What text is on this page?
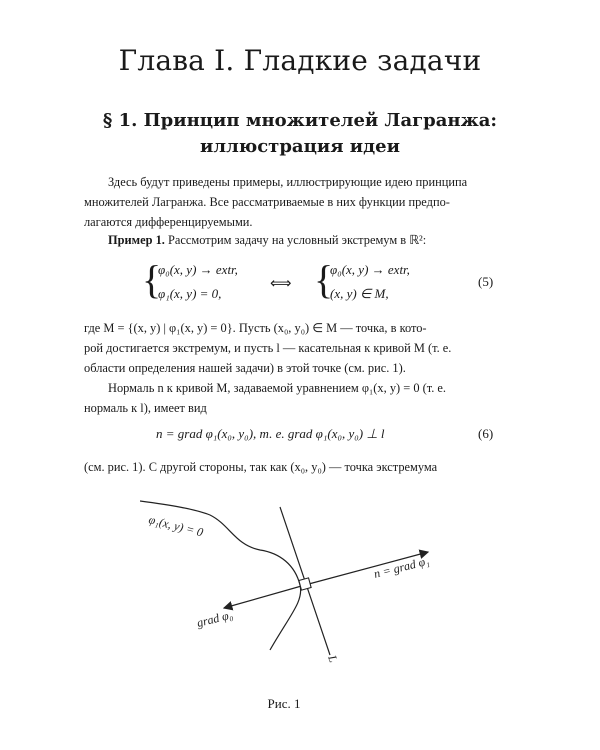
Глава I. Гладкие задачи
§ 1. Принцип множителей Лагранжа:
иллюстрация идеи
Здесь будут приведены примеры, иллюстрирующие идею принципа
множителей Лагранжа. Все рассматриваемые в них функции предпо-
лагаются дифференцируемыми.
Пример 1. Рассмотрим задачу на условный экстремум в ℝ²:
{
φ₀(x, y) → extr,
φ₁(x, y) = 0,
⟺ {
φ₀(x, y) → extr,
(x, y) ∈ M,
(5)
где M = {(x, y) | φ₁(x, y) = 0}. Пусть (x₀, y₀) ∈ M — точка, в кото-
рой достигается экстремум, и пусть l — касательная к кривой M (т. е.
области определения нашей задачи) в этой точке (см. рис. 1).
Нормаль n к кривой M, задаваемой уравнением φ₁(x, y) = 0 (т. е.
нормаль к l), имеет вид
n = grad φ₁(x₀, y₀), т. е. grad φ₁(x₀, y₀) ⊥ l	(6)
(см. рис. 1). С другой стороны, так как (x₀, y₀) — точка экстремума
φ₁(x, y) = 0
n = grad φ₁
grad φ₀
L
Рис. 1
